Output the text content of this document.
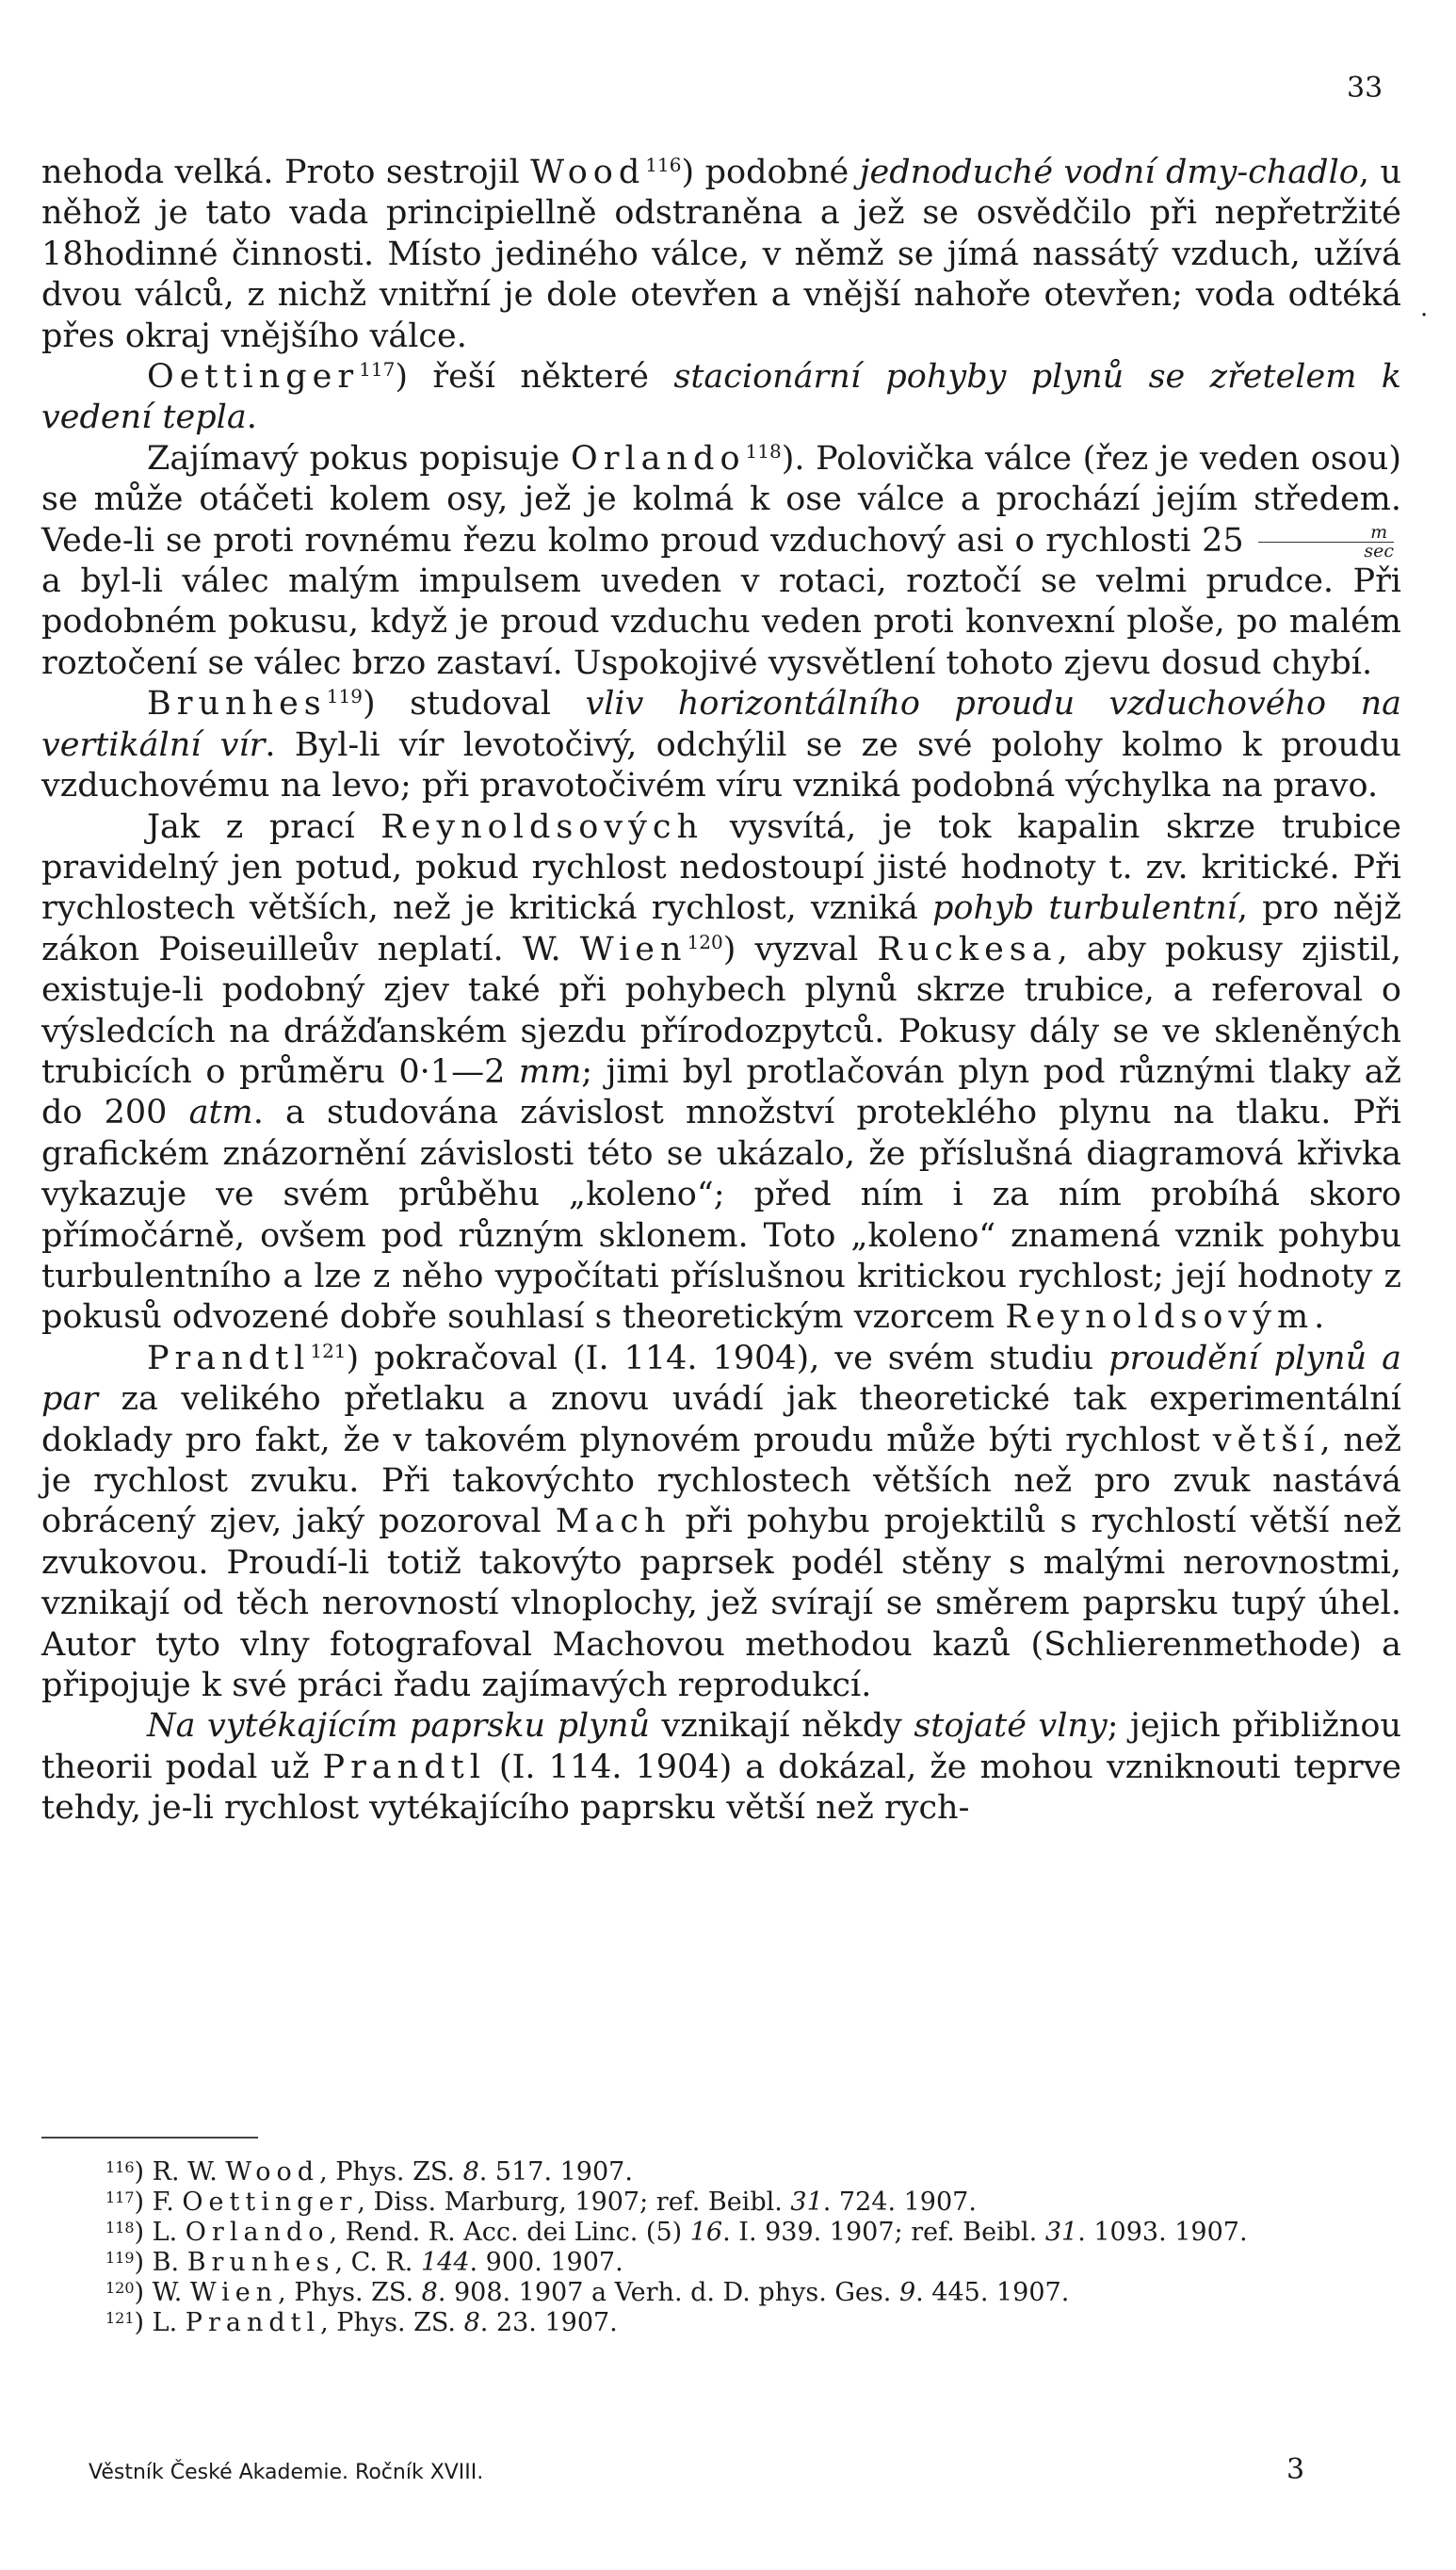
33
·

nehoda velká. Proto sestrojil Wood$^{116}$) podobné jednoduché vodní dmy-chadlo, u něhož je tato vada principiellně odstraněna a jež se osvědčilo při nepřetržité 18hodinné činnosti. Místo jediného válce, v němž se jímá nassátý vzduch, užívá dvou válců, z nichž vnitřní je dole otevřen a vnější nahoře otevřen; voda odtéká přes okraj vnějšího válce.

Oettinger$^{117}$) řeší některé stacionární pohyby plynů se zřetelem k vedení tepla.

Zajímavý pokus popisuje Orlando$^{118}$). Polovička válce (řez je veden osou) se může otáčeti kolem osy, jež je kolmá k ose válce a prochází jejím středem. Vede-li se proti rovnému řezu kolmo proud vzduchový asi o rychlosti $25 \frac{m}{\sec}$
a byl-li válec malým impulsem uveden v rotaci, roztočí se velmi prudce. Při podobném pokusu, když je proud vzduchu veden proti konvexní ploše, po malém roztočení se válec brzo zastaví. Uspokojivé vysvětlení tohoto zjevu dosud chybí.

Brunhes$^{119}$) studoval vliv horizontálního proudu vzduchového na vertikální vír. Byl-li vír levotočivý, odchýlil se ze své polohy kolmo k proudu vzduchovému na levo; při pravotočivém víru vzniká podobná výchylka na pravo.

Jak z prací Reynoldsových vysvítá, je tok kapalin skrze trubice pravidelný jen potud, pokud rychlost nedostoupí jisté hodnoty t. zv. kritické. Při rychlostech větších, než je kritická rychlost, vzniká pohyb turbulentní, pro nějž zákon Poiseuilleův neplatí. W. Wien$^{120}$) vyzval Ruckesa, aby pokusy zjistil, existuje-li podobný zjev také při pohybech plynů skrze trubice, a referoval o výsledcích na drážďanském sjezdu přírodozpytců. Pokusy dály se ve skleněných trubicích o průměru 0·1—2 mm; jimi byl protlačován plyn pod různými tlaky až do 200 atm. a studována závislost množství proteklého plynu na tlaku. Při grafickém znázornění závislosti této se ukázalo, že příslušná diagramová křivka vykazuje ve svém průběhu „koleno“; před ním i za ním probíhá skoro přímočárně, ovšem pod různým sklonem. Toto „koleno“ znamená vznik pohybu turbulentního a lze z něho vypočítati příslušnou kritickou rychlost; její hodnoty z pokusů odvozené dobře souhlasí s theoretickým vzorcem Reynoldsovým.

Prandtl$^{121}$) pokračoval (I. 114. 1904), ve svém studiu proudění plynů a par za velikého přetlaku a znovu uvádí jak theoretické tak experimentální doklady pro fakt, že v takovém plynovém proudu může býti rychlost větší, než je rychlost zvuku. Při takovýchto rychlostech větších než pro zvuk nastává obrácený zjev, jaký pozoroval Mach při pohybu projektilů s rychlostí větší než zvukovou. Proudí-li totiž takovýto paprsek podél stěny s malými nerovnostmi, vznikají od těch nerovností vlnoplochy, jež svírají se směrem paprsku tupý úhel. Autor tyto vlny fotografoval Machovou methodou kazů (Schlierenmethode) a připojuje k své práci řadu zajímavých reprodukcí.

Na vytékajícím paprsku plynů vznikají někdy stojaté vlny; jejich přibližnou theorii podal už Prandtl (I. 114. 1904) a dokázal, že mohou vzniknouti teprve tehdy, je-li rychlost vytékajícího paprsku větší než rych-

$^{116}$) R. W. Wood, Phys. ZS. 8. 517. 1907.

$^{117}$) F. Oettinger, Diss. Marburg, 1907; ref. Beibl. 31. 724. 1907.

$^{118}$) L. Orlando, Rend. R. Acc. dei Linc. (5) 16. I. 939. 1907; ref. Beibl. 31. 1093. 1907.

$^{119}$) B. Brunhes, C. R. 144. 900. 1907.

$^{120}$) W. Wien, Phys. ZS. 8. 908. 1907 a Verh. d. D. phys. Ges. 9. 445. 1907.

$^{121}$) L. Prandtl, Phys. ZS. 8. 23. 1907.

Věstník České Akademie. Ročník XVIII.	3
